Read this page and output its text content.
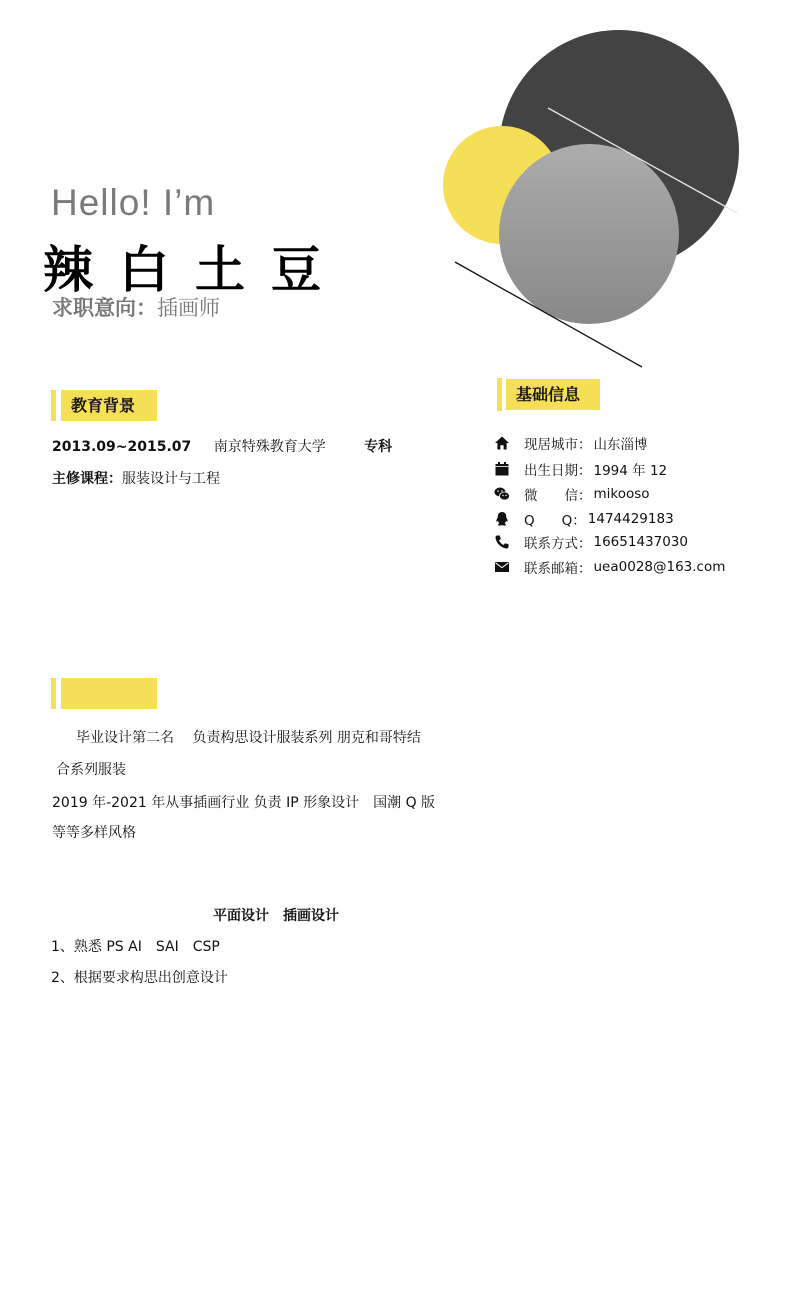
Hello! I’m
辣白土豆
求职意向：插画师
教育背景
2013.09~2015.07 南京特殊教育大学	专科
主修课程：服装设计与工程
基础信息
现居城市： 山东淄博
出生日期： 1994 年 12
微　　信： mikooso
Q　　Q： 1474429183
联系方式： 16651437030
联系邮箱： uea0028@163.com
毕业设计第二名　 负责构思设计服装系列 朋克和哥特结
合系列服装
2019 年-2021 年从事插画行业 负责 IP 形象设计　国潮 Q 版
等等多样风格
平面设计　插画设计
1、熟悉 PS AI　SAI　CSP
2、根据要求构思出创意设计
